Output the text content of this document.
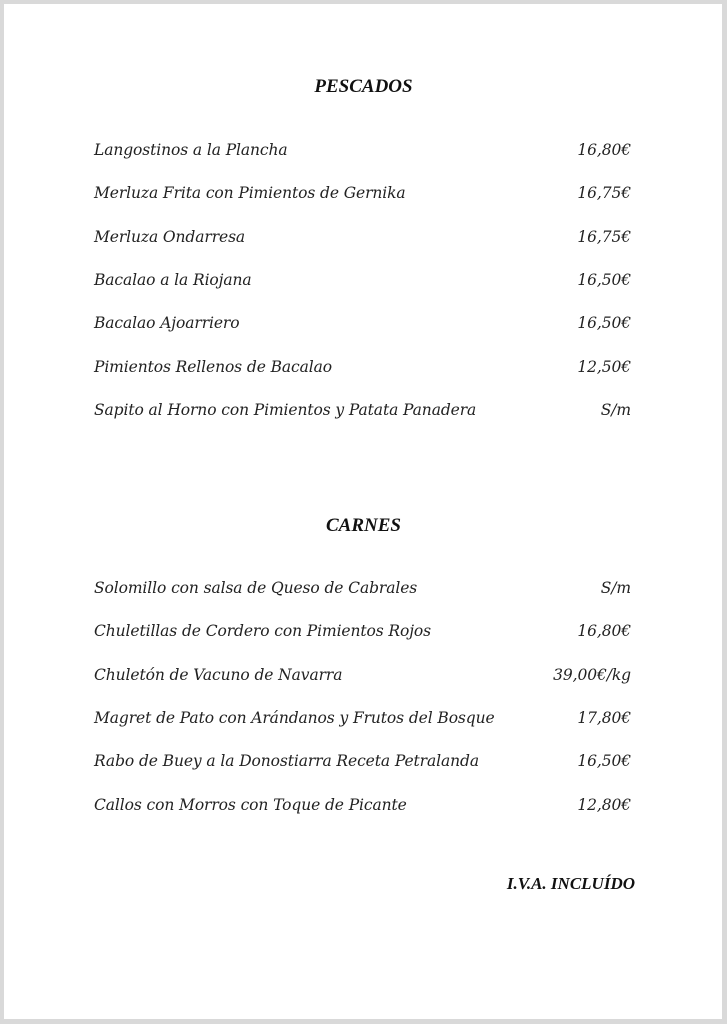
PESCADOS
Langostinos a la Plancha	16,80€
Merluza Frita con Pimientos de Gernika	16,75€
Merluza Ondarresa	16,75€
Bacalao a la Riojana	16,50€
Bacalao Ajoarriero	16,50€
Pimientos Rellenos de Bacalao	12,50€
Sapito al Horno con Pimientos y Patata Panadera	S/m
CARNES
Solomillo con salsa de Queso de Cabrales	S/m
Chuletillas de Cordero con Pimientos Rojos	16,80€
Chuletón de Vacuno de Navarra	39,00€/kg
Magret de Pato con Arándanos y Frutos del Bosque	17,80€
Rabo de Buey a la Donostiarra Receta Petralanda	16,50€
Callos con Morros con Toque de Picante	12,80€
I.V.A. INCLUÍDO
